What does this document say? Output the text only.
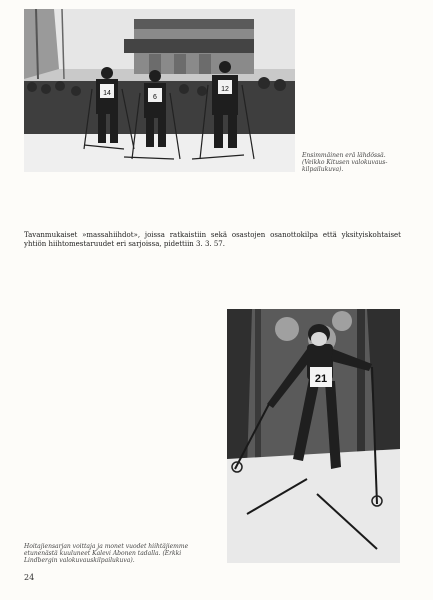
14
6
12
Ensimmäinen erä lähdössä.
(Veikko Kitusen valokuvaus-
kilpailukuva).
Tavanmukaiset »massahiihdot», joissa ratkaistiin sekä osastojen osanottokilpa että yksityiskohtaiset yhtiön hiihtomestaruudet eri sarjoissa, pidettiin 3. 3. 57.
21
Hoitajiensarjan voittaja ja monet vuodet hiihtäjiemme
etunenästä kuuluneet Kalevi Abonen tadalla. (Erkki
Lindbergin valokuvauskilpailukuva).
24
